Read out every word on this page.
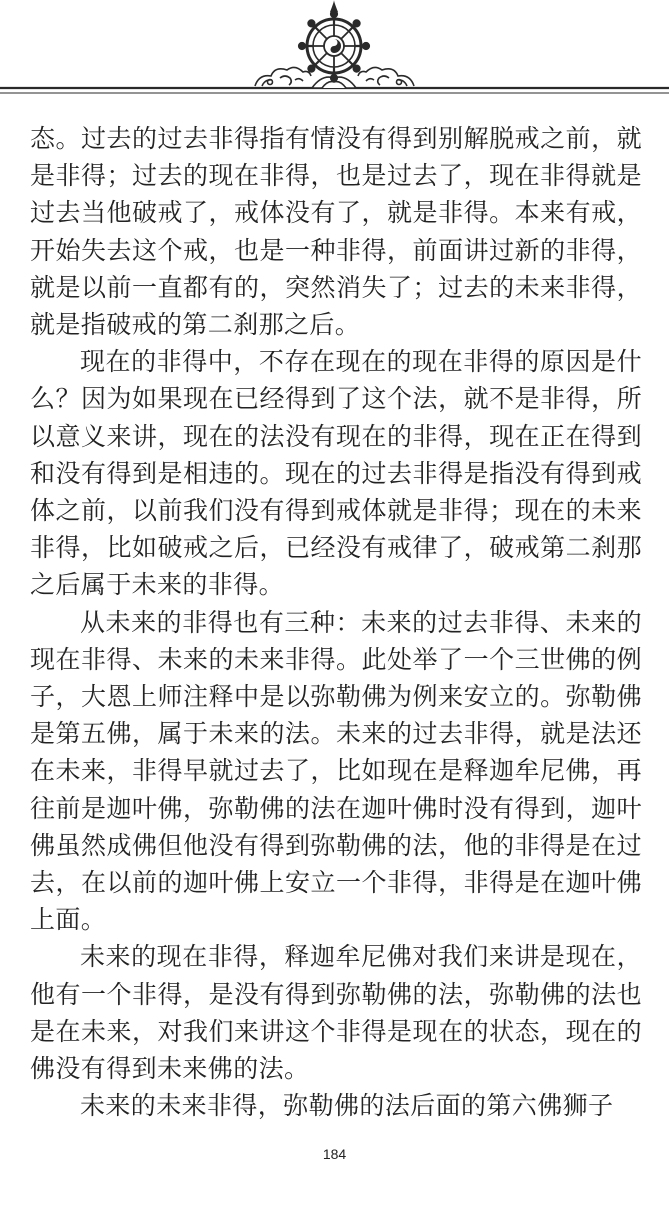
态。过去的过去非得指有情没有得到别解脱戒之前，就是非得；过去的现在非得，也是过去了，现在非得就是过去当他破戒了，戒体没有了，就是非得。本来有戒，开始失去这个戒，也是一种非得，前面讲过新的非得，就是以前一直都有的，突然消失了；过去的未来非得，就是指破戒的第二刹那之后。

现在的非得中，不存在现在的现在非得的原因是什么？因为如果现在已经得到了这个法，就不是非得，所以意义来讲，现在的法没有现在的非得，现在正在得到和没有得到是相违的。现在的过去非得是指没有得到戒体之前，以前我们没有得到戒体就是非得；现在的未来非得，比如破戒之后，已经没有戒律了，破戒第二刹那之后属于未来的非得。

从未来的非得也有三种：未来的过去非得、未来的现在非得、未来的未来非得。此处举了一个三世佛的例子，大恩上师注释中是以弥勒佛为例来安立的。弥勒佛是第五佛，属于未来的法。未来的过去非得，就是法还在未来，非得早就过去了，比如现在是释迦牟尼佛，再往前是迦叶佛，弥勒佛的法在迦叶佛时没有得到，迦叶佛虽然成佛但他没有得到弥勒佛的法，他的非得是在过去，在以前的迦叶佛上安立一个非得，非得是在迦叶佛上面。

未来的现在非得，释迦牟尼佛对我们来讲是现在，他有一个非得，是没有得到弥勒佛的法，弥勒佛的法也是在未来，对我们来讲这个非得是现在的状态，现在的佛没有得到未来佛的法。

未来的未来非得，弥勒佛的法后面的第六佛狮子

184
